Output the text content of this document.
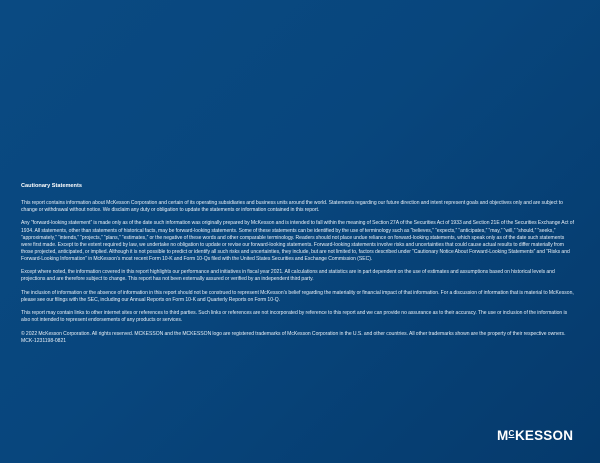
Cautionary Statements

This report contains information about McKesson Corporation and certain of its operating subsidiaries and business units around the world. Statements regarding our future direction and intent represent goals and objectives only and are subject to change or withdrawal without notice. We disclaim any duty or obligation to update the statements or information contained in this report.

Any “forward-looking statement” is made only as of the date such information was originally prepared by McKesson and is intended to fall within the meaning of Section 27A of the Securities Act of 1933 and Section 21E of the Securities Exchange Act of 1934. All statements, other than statements of historical facts, may be forward-looking statements. Some of these statements can be identified by the use of terminology such as “believes,” “expects,” “anticipates,” “may,” “will,” “should,” “seeks,” “approximately,” “intends,” “projects,” “plans,” “estimates,” or the negative of these words and other comparable terminology. Readers should not place undue reliance on forward-looking statements, which speak only as of the date such statements were first made. Except to the extent required by law, we undertake no obligation to update or revise our forward-looking statements. Forward-looking statements involve risks and uncertainties that could cause actual results to differ materially from those projected, anticipated, or implied. Although it is not possible to predict or identify all such risks and uncertainties, they include, but are not limited to, factors described under “Cautionary Notice About Forward-Looking Statements” and “Risks and Forward-Looking Information” in McKesson’s most recent Form 10-K and Form 10-Qs filed with the United States Securities and Exchange Commission (SEC).

Except where noted, the information covered in this report highlights our performance and initiatives in fiscal year 2021. All calculations and statistics are in part dependent on the use of estimates and assumptions based on historical levels and projections and are therefore subject to change. This report has not been externally assured or verified by an independent third party.

The inclusion of information or the absence of information in this report should not be construed to represent McKesson’s belief regarding the materiality or financial impact of that information. For a discussion of information that is material to McKesson, please see our filings with the SEC, including our Annual Reports on Form 10-K and Quarterly Reports on Form 10-Q.

This report may contain links to other internet sites or references to third parties. Such links or references are not incorporated by reference to this report and we can provide no assurance as to their accuracy. The use or inclusion of the information is also not intended to represent endorsements of any products or services.

© 2022 McKesson Corporation. All rights reserved. MCKESSON and the MCKESSON logo are registered trademarks of McKesson Corporation in the U.S. and other countries. All other trademarks shown are the property of their respective owners. MCK-1231198-0821

M C KESSON
